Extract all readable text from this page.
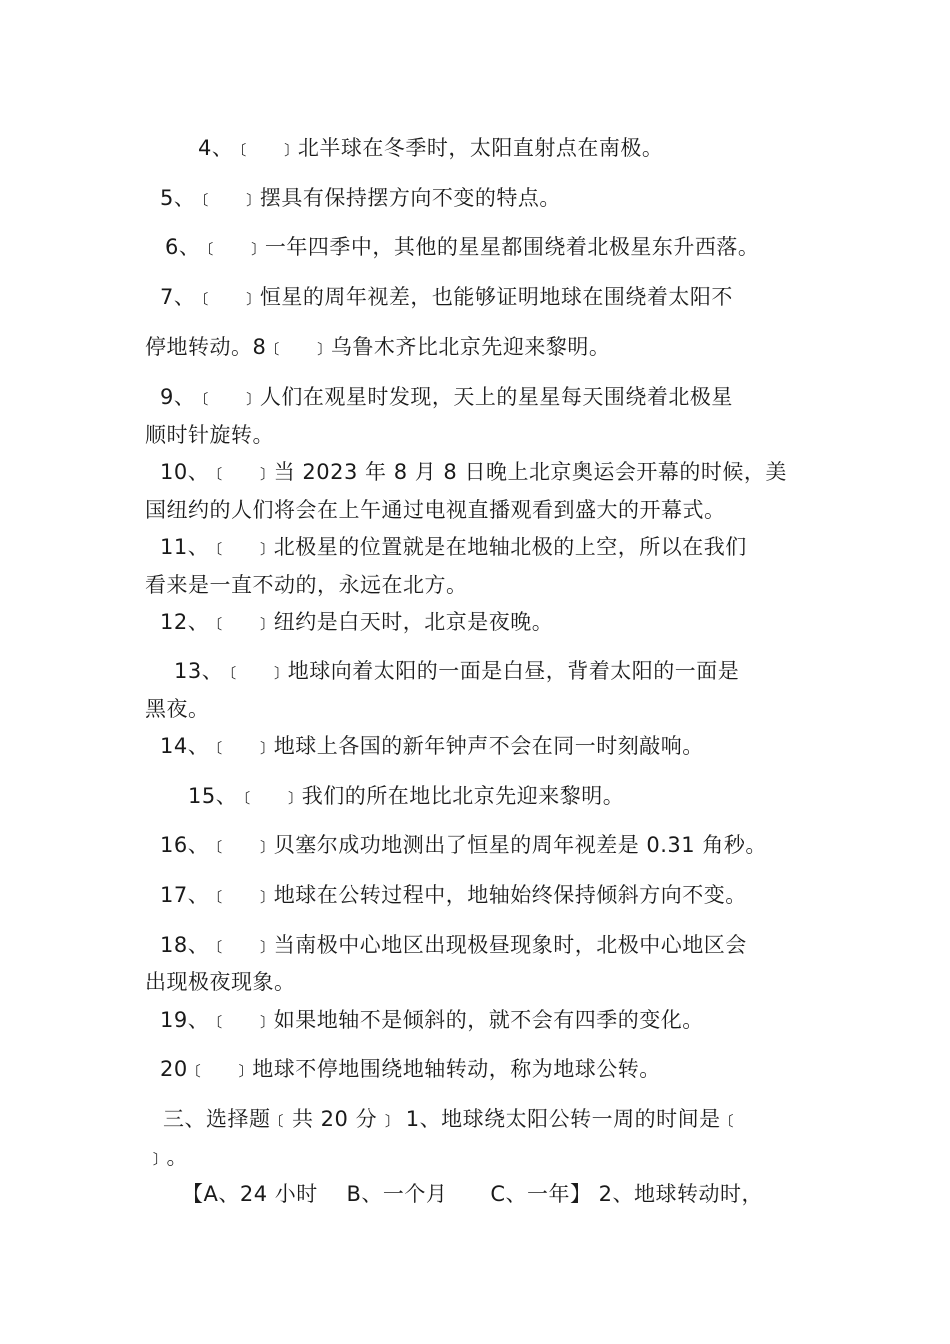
4、﹝　﹞北半球在冬季时，太阳直射点在南极。
5、﹝　﹞摆具有保持摆方向不变的特点。
6、﹝　﹞一年四季中，其他的星星都围绕着北极星东升西落。
7、﹝　﹞恒星的周年视差，也能够证明地球在围绕着太阳不
停地转动。8﹝　﹞乌鲁木齐比北京先迎来黎明。
9、﹝　﹞人们在观星时发现，天上的星星每天围绕着北极星
顺时针旋转。
10、﹝　﹞当 2023 年 8 月 8 日晚上北京奥运会开幕的时候，美
国纽约的人们将会在上午通过电视直播观看到盛大的开幕式。
11、﹝　﹞北极星的位置就是在地轴北极的上空，所以在我们
看来是一直不动的，永远在北方。
12、﹝　﹞纽约是白天时，北京是夜晚。
13、﹝　﹞地球向着太阳的一面是白昼，背着太阳的一面是
黑夜。
14、﹝　﹞地球上各国的新年钟声不会在同一时刻敲响。
15、﹝　﹞我们的所在地比北京先迎来黎明。
16、﹝　﹞贝塞尔成功地测出了恒星的周年视差是 0.31 角秒。
17、﹝　﹞地球在公转过程中，地轴始终保持倾斜方向不变。
18、﹝　﹞当南极中心地区出现极昼现象时，北极中心地区会
出现极夜现象。
19、﹝　﹞如果地轴不是倾斜的，就不会有四季的变化。
20﹝　﹞地球不停地围绕地轴转动，称为地球公转。
三、选择题﹝共 20 分﹞ 1、地球绕太阳公转一周的时间是﹝
﹞。
【A、24 小时　 B、一个月　　C、一年】 2、地球转动时，
